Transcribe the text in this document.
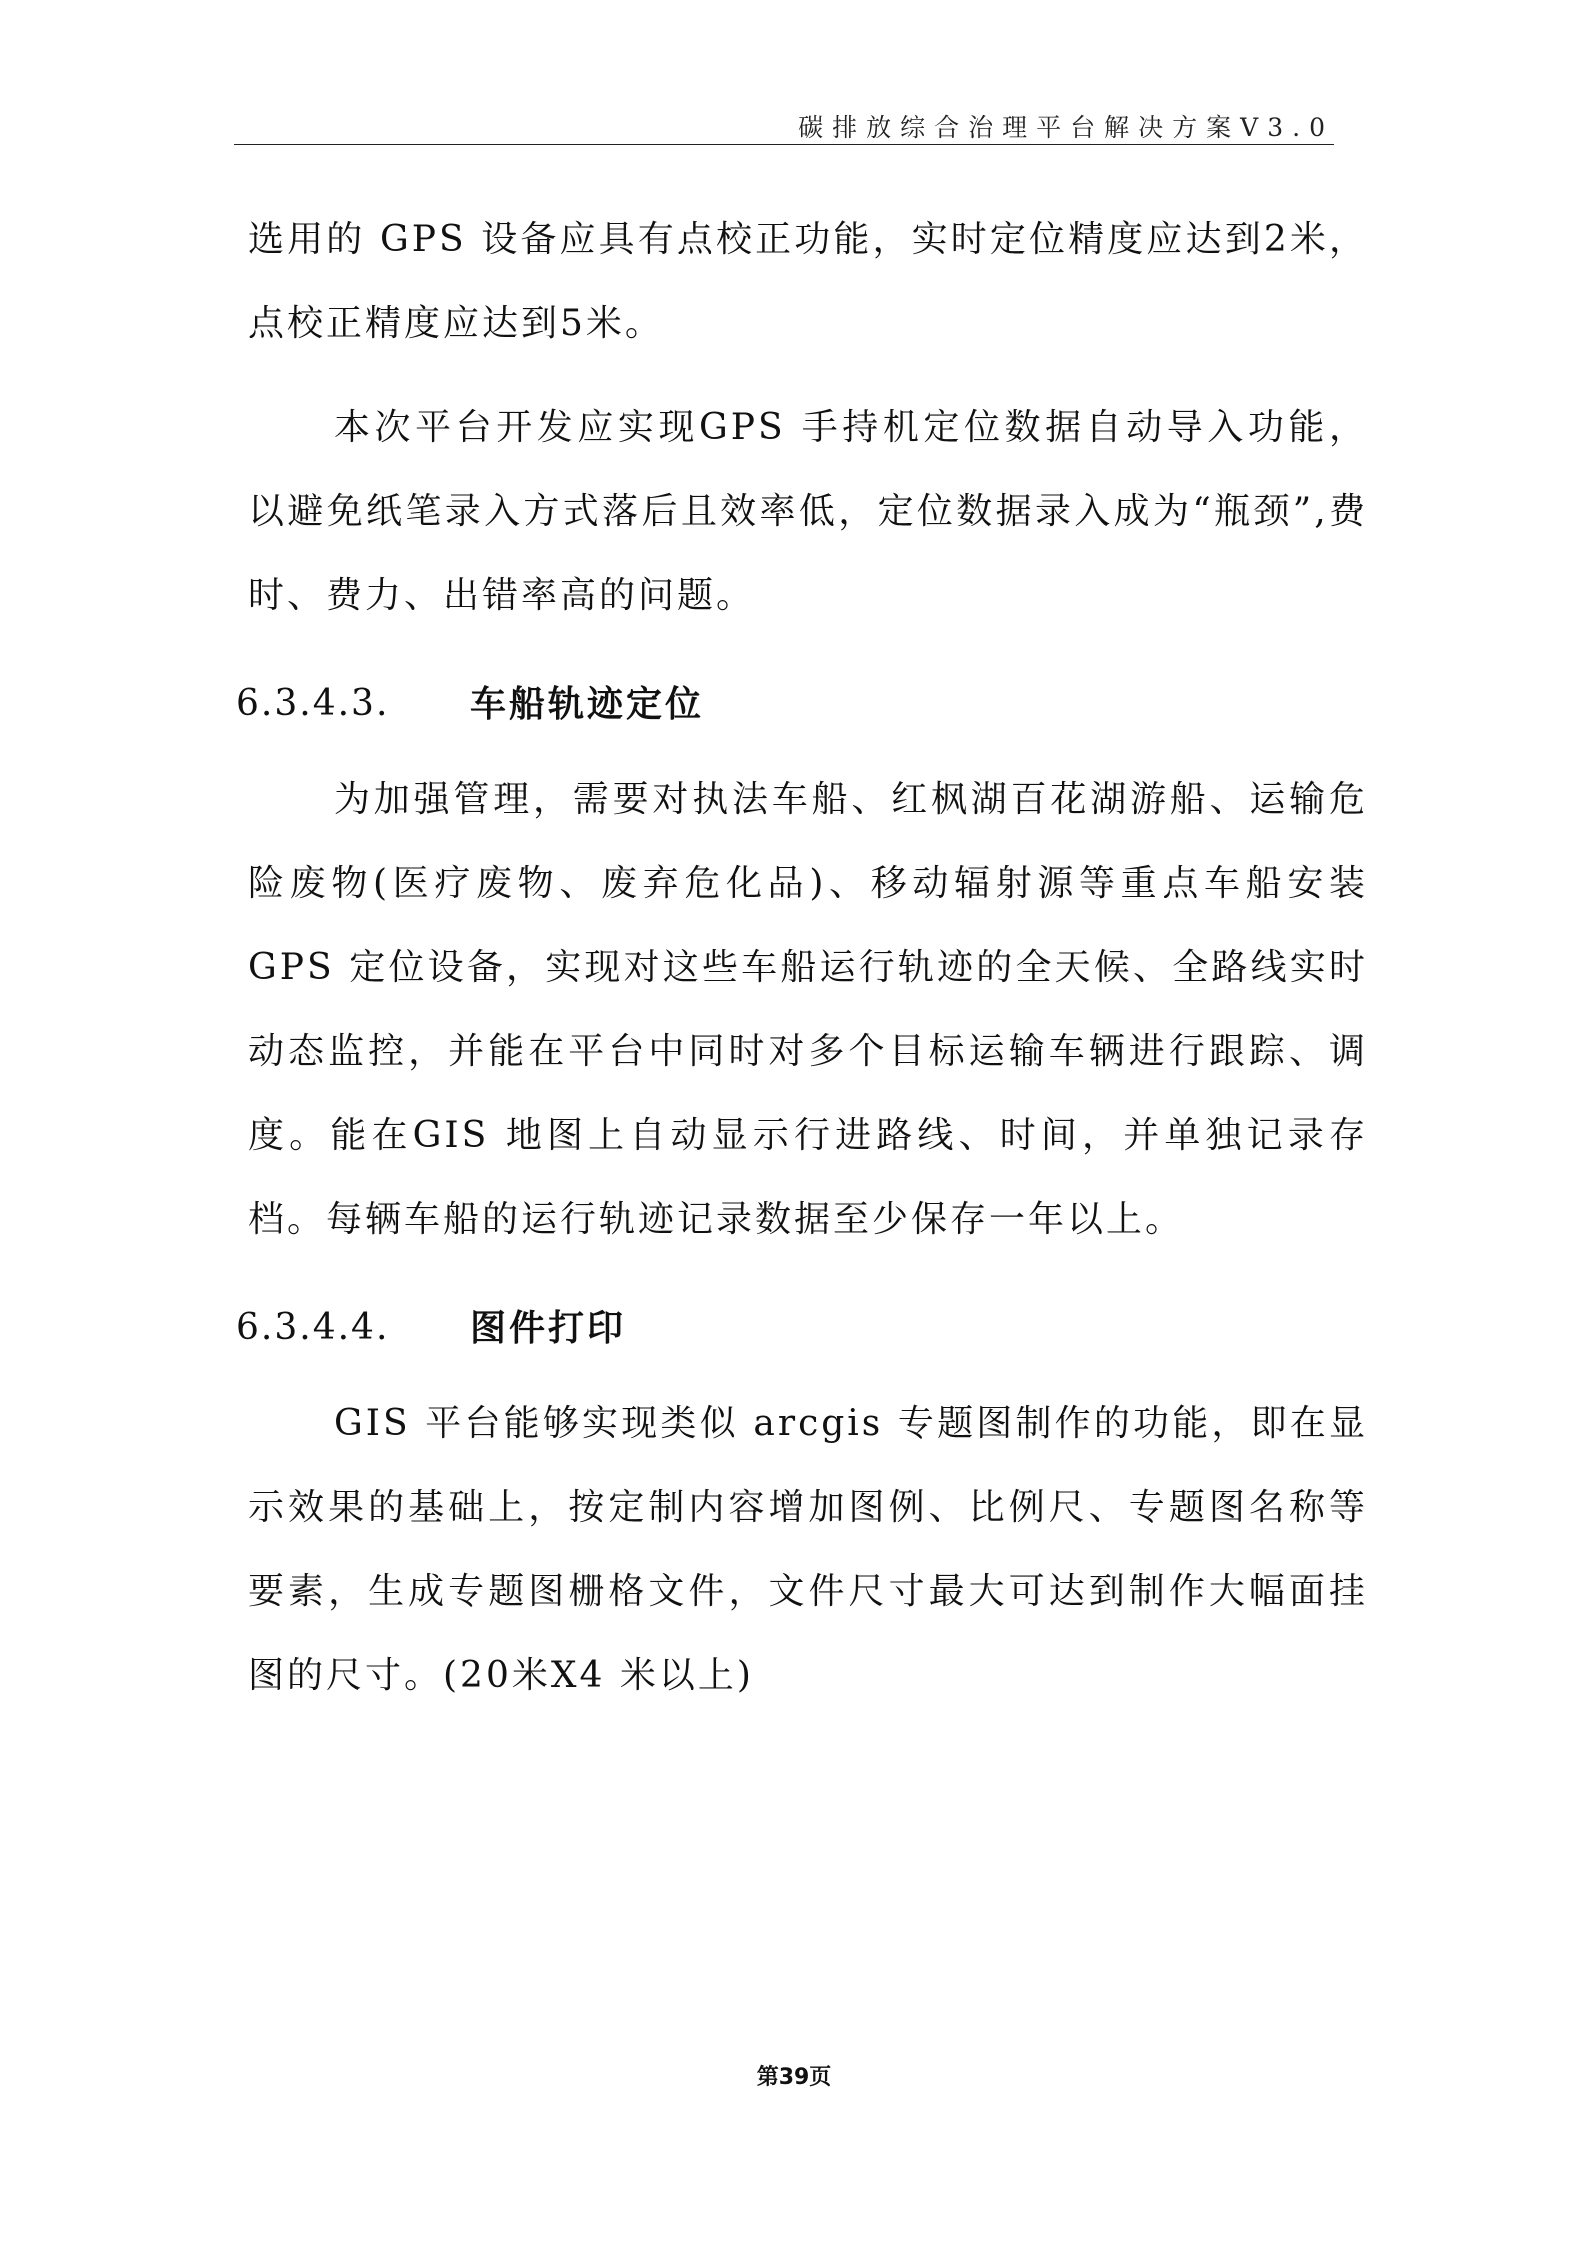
碳排放综合治理平台解决方案V3.0

选用的 GPS 设备应具有点校正功能，实时定位精度应达到2米，点校正精度应达到5米。

本次平台开发应实现GPS 手持机定位数据自动导入功能，以避免纸笔录入方式落后且效率低，定位数据录入成为“瓶颈”,费时、费力、出错率高的问题。

6.3.4.3. 车船轨迹定位

为加强管理，需要对执法车船、红枫湖百花湖游船、运输危险废物(医疗废物、废弃危化品)、移动辐射源等重点车船安装 GPS 定位设备，实现对这些车船运行轨迹的全天候、全路线实时动态监控，并能在平台中同时对多个目标运输车辆进行跟踪、调度。能在GIS 地图上自动显示行进路线、时间，并单独记录存档。每辆车船的运行轨迹记录数据至少保存一年以上。

6.3.4.4. 图件打印

GIS 平台能够实现类似 arcgis 专题图制作的功能，即在显示效果的基础上，按定制内容增加图例、比例尺、专题图名称等要素，生成专题图栅格文件，文件尺寸最大可达到制作大幅面挂图的尺寸。(20米X4 米以上)

第39页
